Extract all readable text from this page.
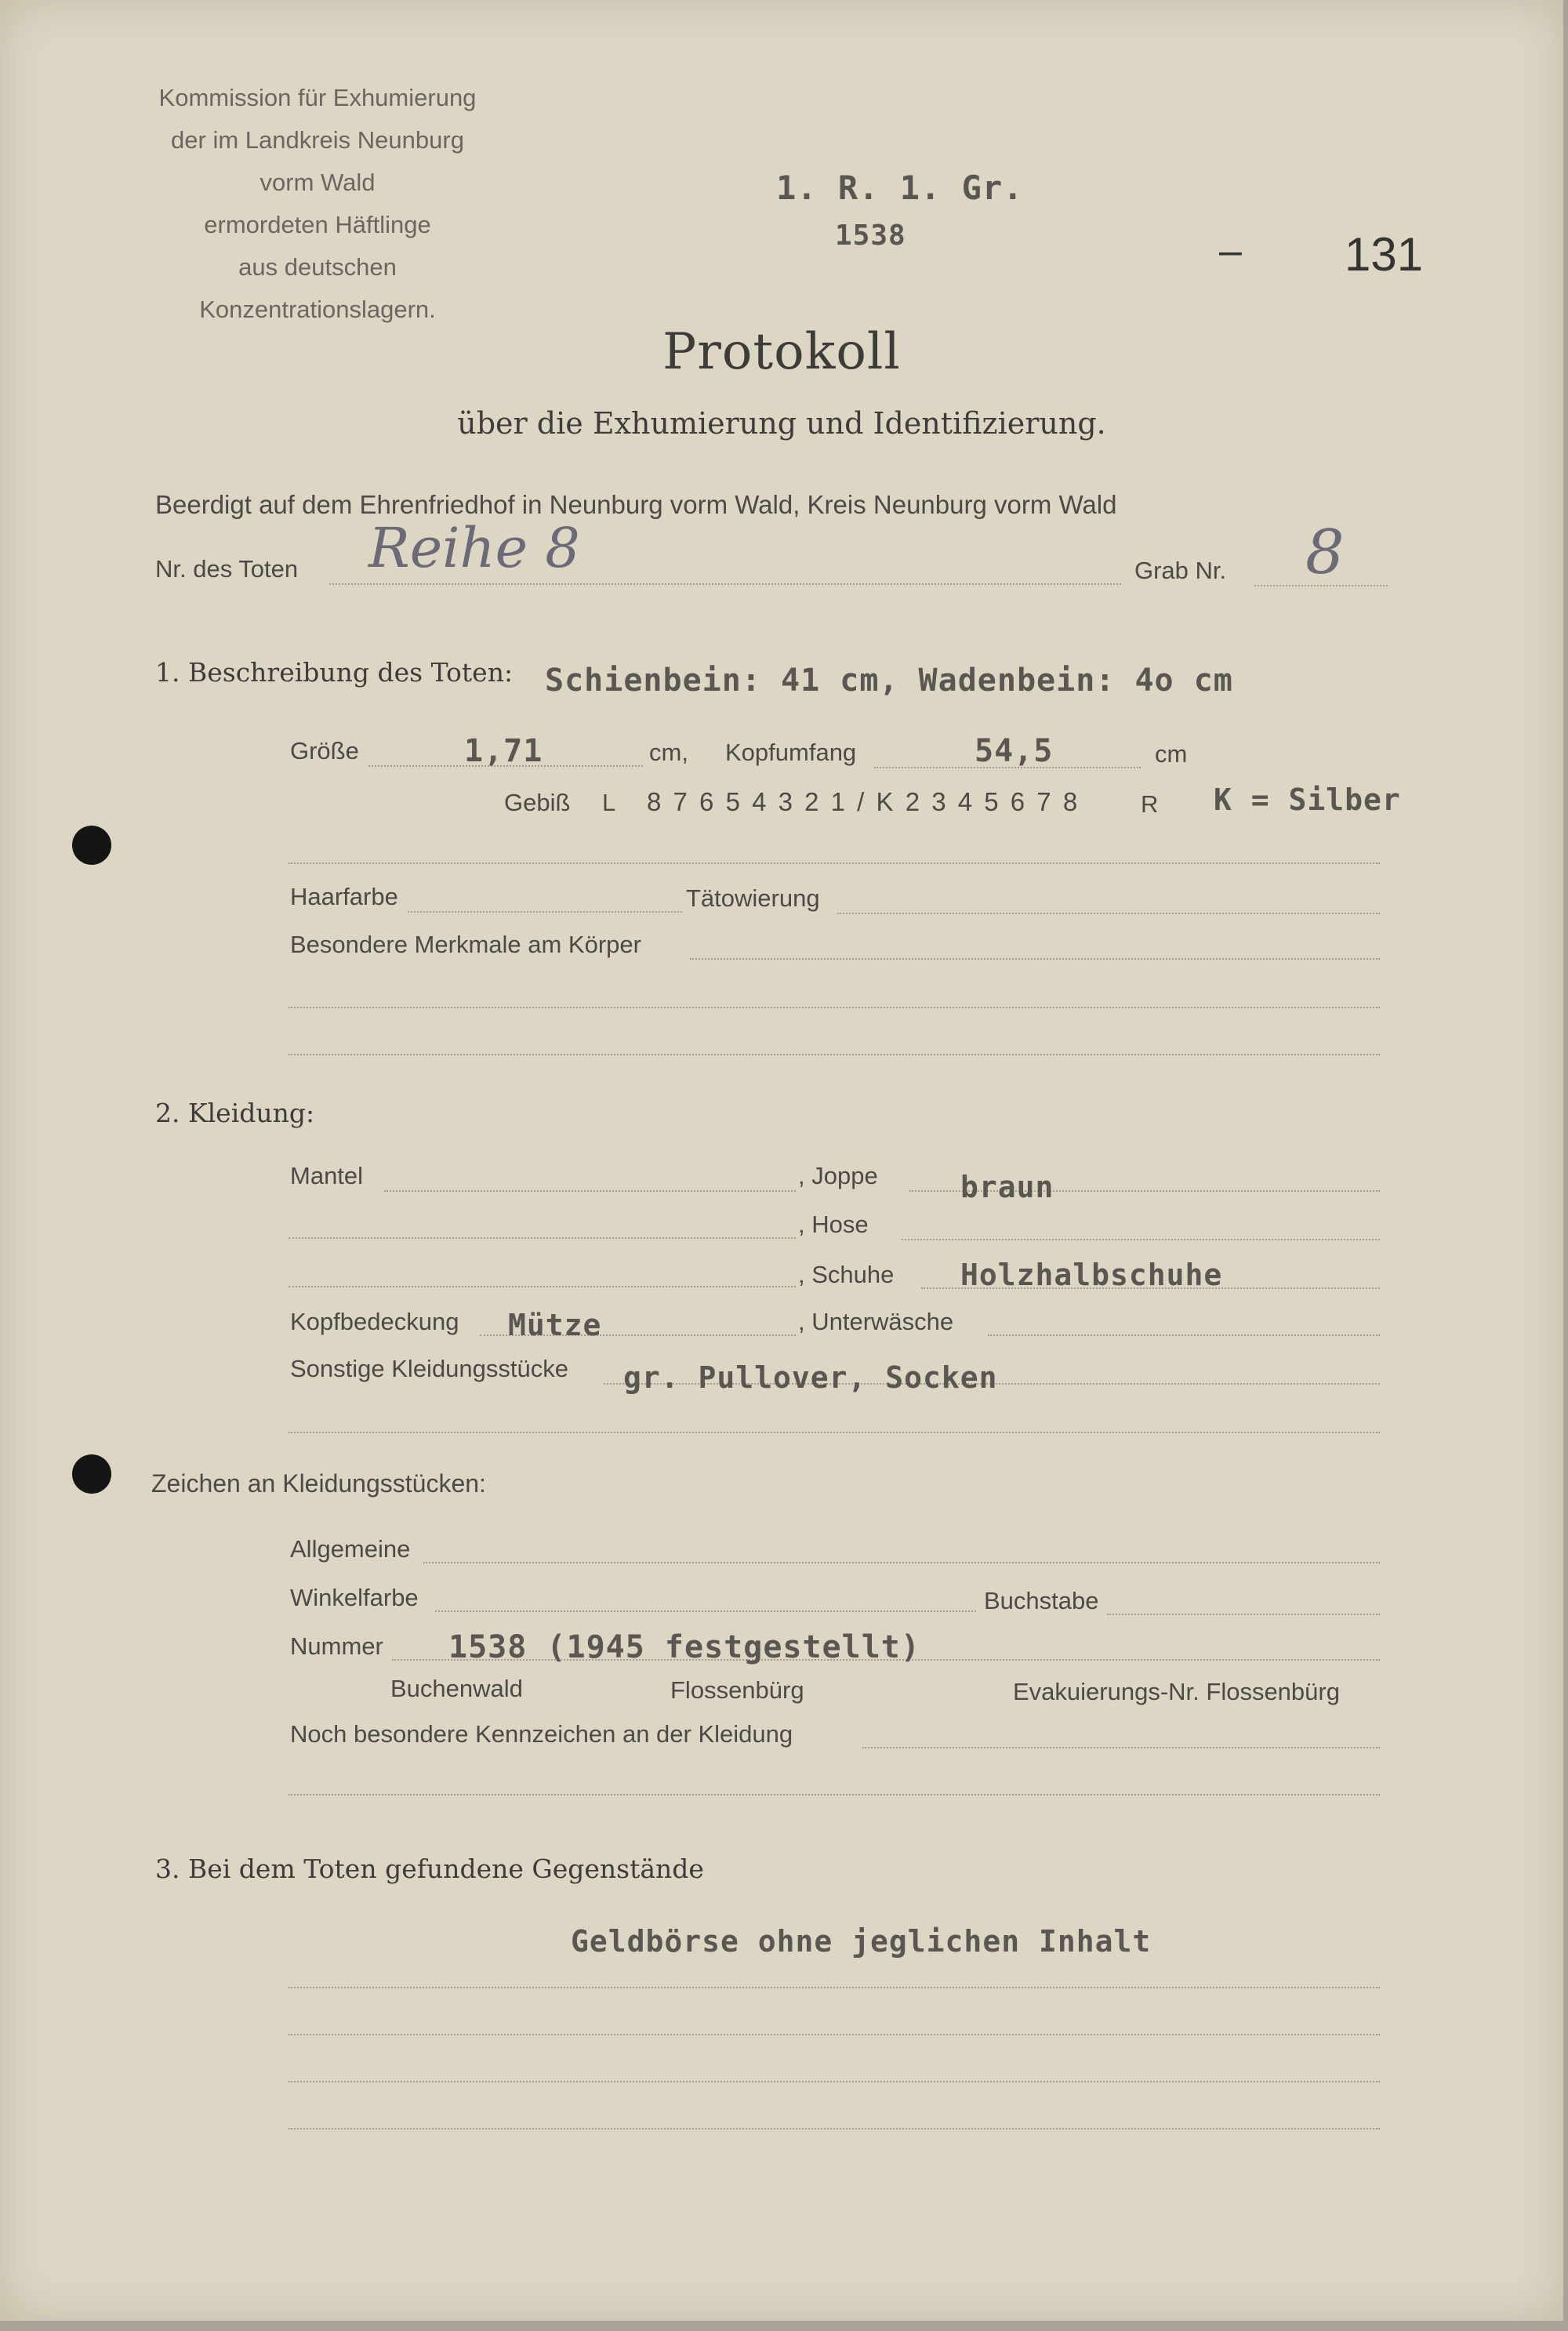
Kommission für Exhumierung
der im Landkreis Neunburg vorm Wald
ermordeten Häftlinge
aus deutschen Konzentrationslagern.
1. R. 1. Gr.
1538	– 131
Protokoll
über die Exhumierung und Identifizierung.
Beerdigt auf dem Ehrenfriedhof in Neunburg vorm Wald, Kreis Neunburg vorm Wald
Nr. des Toten Reihe 8	Grab Nr. 8
1. Beschreibung des Toten: Schienbein: 41 cm, Wadenbein: 4o cm
Größe	1,71	cm, Kopfumfang	54,5	cm
Gebiß L 8 7 6 5 4 3 2 1 / K 2 3 4 5 6 7 8	R K = Silber
Haarfarbe	Tätowierung
Besondere Merkmale am Körper
2. Kleidung:
Mantel	, Joppe	braun
, Hose
, Schuhe Holzhalbschuhe
Kopfbedeckung Mütze	, Unterwäsche
Sonstige Kleidungsstücke gr. Pullover, Socken
Zeichen an Kleidungsstücken:
Allgemeine
Winkelfarbe	Buchstabe
Nummer 1538 (1945 festgestellt)
Buchenwald	Flossenbürg	Evakuierungs-Nr. Flossenbürg
Noch besondere Kennzeichen an der Kleidung
3. Bei dem Toten gefundene Gegenstände
Geldbörse ohne jeglichen Inhalt
